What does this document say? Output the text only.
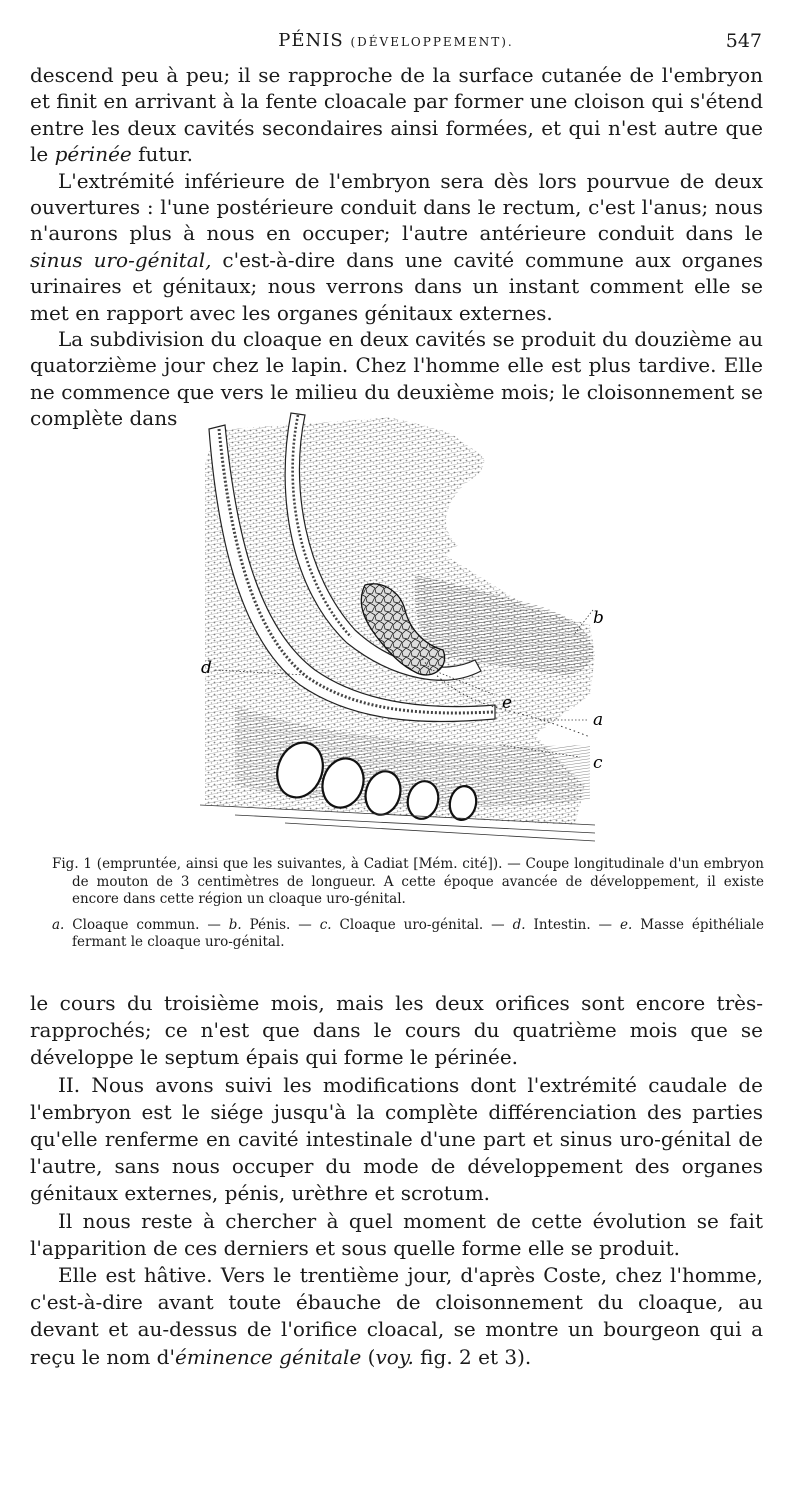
PÉNIS (DÉVELOPPEMENT).	547

descend peu à peu; il se rapproche de la surface cutanée de l'embryon et finit en arrivant à la fente cloacale par former une cloison qui s'étend entre les deux cavités secondaires ainsi formées, et qui n'est autre que le périnée futur.

L'extrémité inférieure de l'embryon sera dès lors pourvue de deux ouvertures : l'une postérieure conduit dans le rectum, c'est l'anus; nous n'aurons plus à nous en occuper; l'autre antérieure conduit dans le sinus uro-génital, c'est-à-dire dans une cavité commune aux organes urinaires et génitaux; nous verrons dans un instant comment elle se met en rapport avec les organes génitaux externes.

La subdivision du cloaque en deux cavités se produit du douzième au quatorzième jour chez le lapin. Chez l'homme elle est plus tardive. Elle ne commence que vers le milieu du deuxième mois; le cloisonnement se complète dans

d
b
e
a
c

Fig. 1 (empruntée, ainsi que les suivantes, à Cadiat [Mém. cité]). — Coupe longitudinale d'un embryon de mouton de 3 centimètres de longueur. A cette époque avancée de développement, il existe encore dans cette région un cloaque uro-génital.

a. Cloaque commun. — b. Pénis. — c. Cloaque uro-génital. — d. Intestin. — e. Masse épithéliale fermant le cloaque uro-génital.

le cours du troisième mois, mais les deux orifices sont encore très-rapprochés; ce n'est que dans le cours du quatrième mois que se développe le septum épais qui forme le périnée.

II. Nous avons suivi les modifications dont l'extrémité caudale de l'embryon est le siége jusqu'à la complète différenciation des parties qu'elle renferme en cavité intestinale d'une part et sinus uro-génital de l'autre, sans nous occuper du mode de développement des organes génitaux externes, pénis, urèthre et scrotum.

Il nous reste à chercher à quel moment de cette évolution se fait l'apparition de ces derniers et sous quelle forme elle se produit.

Elle est hâtive. Vers le trentième jour, d'après Coste, chez l'homme, c'est-à-dire avant toute ébauche de cloisonnement du cloaque, au devant et au-dessus de l'orifice cloacal, se montre un bourgeon qui a reçu le nom d'éminence génitale (voy. fig. 2 et 3).
